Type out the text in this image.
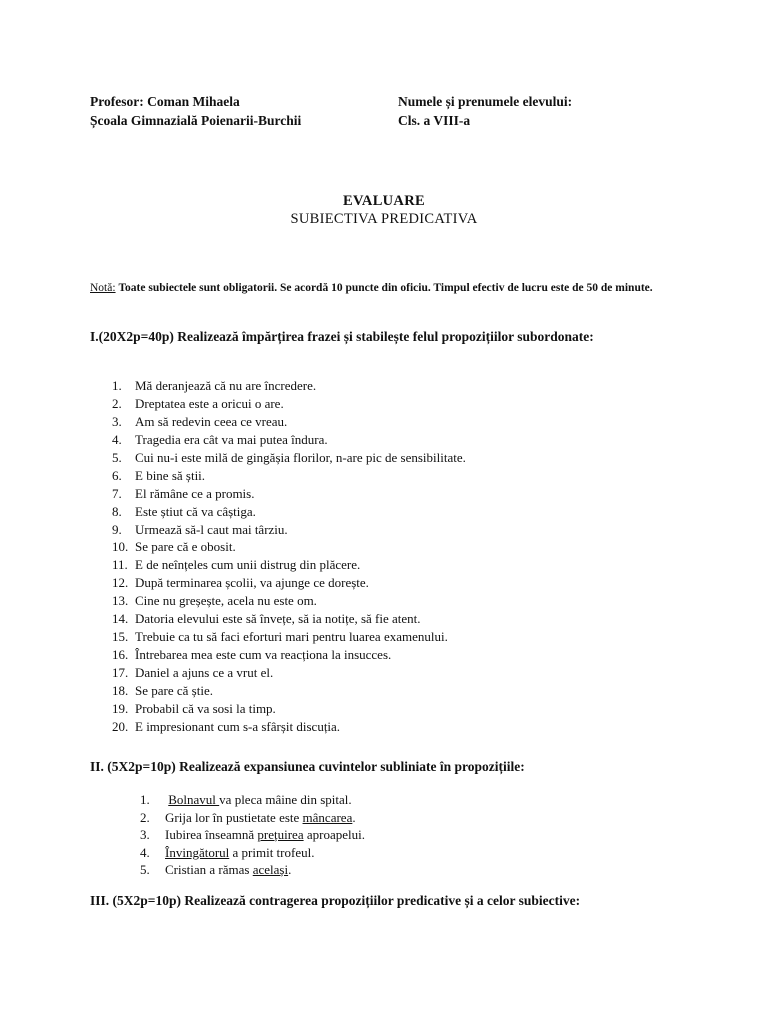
Profesor: Coman Mihaela
Școala Gimnazială Poienarii-Burchii
Numele și prenumele elevului:
Cls. a VIII-a
EVALUARE
SUBIECTIVA PREDICATIVA
Notă: Toate subiectele sunt obligatorii. Se acordă 10 puncte din oficiu. Timpul efectiv de lucru este de 50 de minute.
I.(20X2p=40p) Realizează împărțirea frazei și stabilește felul propozițiilor subordonate:
1. Mă deranjează că nu are încredere.
2. Dreptatea este a oricui o are.
3. Am să redevin ceea ce vreau.
4. Tragedia era cât va mai putea îndura.
5. Cui nu-i este milă de gingășia florilor, n-are pic de sensibilitate.
6. E bine să știi.
7. El rămâne ce a promis.
8. Este știut că va câștiga.
9. Urmează să-l caut mai târziu.
10. Se pare că e obosit.
11. E de neînțeles cum unii distrug din plăcere.
12. După terminarea școlii, va ajunge ce dorește.
13. Cine nu greșește, acela nu este om.
14. Datoria elevului este să învețe, să ia notițe, să fie atent.
15. Trebuie ca tu să faci eforturi mari pentru luarea examenului.
16. Întrebarea mea este cum va reacționa la insucces.
17. Daniel a ajuns ce a vrut el.
18. Se pare că știe.
19. Probabil că va sosi la timp.
20. E impresionant cum s-a sfârșit discuția.
II. (5X2p=10p) Realizează expansiunea cuvintelor subliniate în propozițiile:
1. Bolnavul va pleca mâine din spital.
2. Grija lor în pustietate este mâncarea.
3. Iubirea înseamnă prețuirea aproapelui.
4. Învingătorul a primit trofeul.
5. Cristian a rămas același.
III. (5X2p=10p) Realizează contragerea propozițiilor predicative și a celor subiective:
